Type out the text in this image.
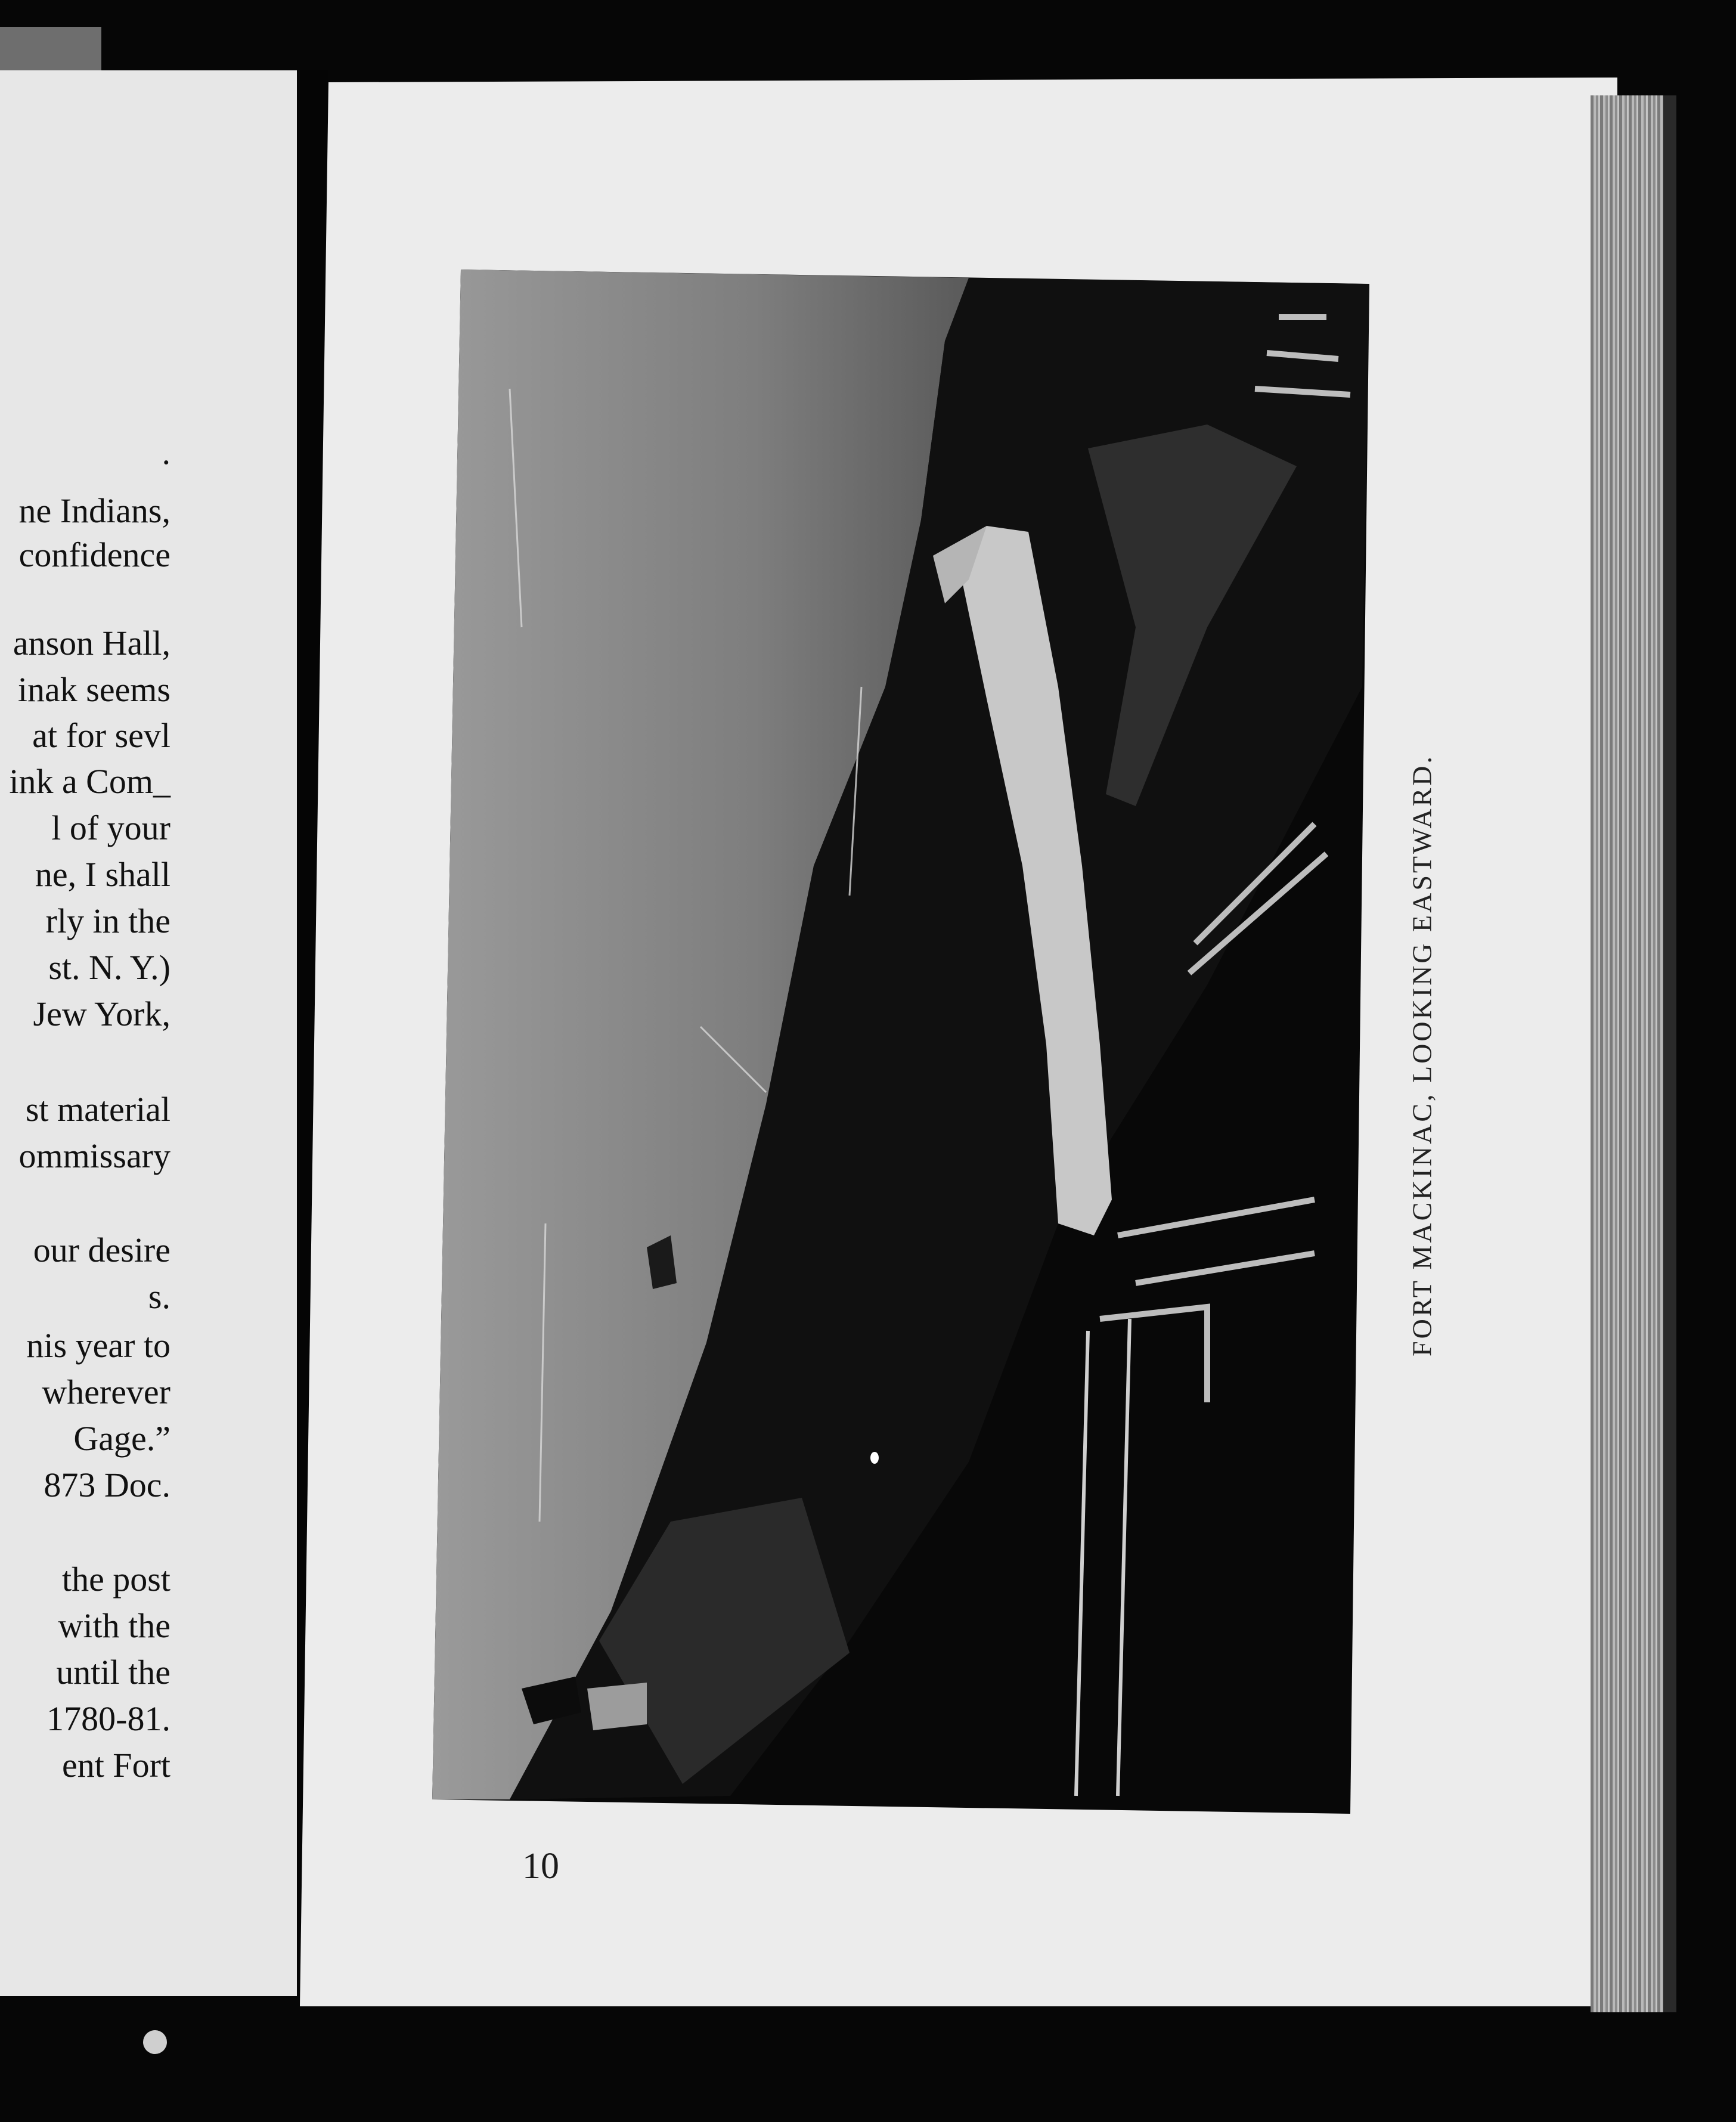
.
ne Indians,
confidence
anson Hall,
inak seems
at for sevl
ink a Com_
l of your
ne, I shall
rly in the
st. N. Y.)
Jew York,
st material
ommissary
our desire
s.
nis year to
wherever
Gage.”
873 Doc.
the post
with the
until the
1780-81.
ent Fort
FORT MACKINAC, LOOKING EASTWARD.
10
